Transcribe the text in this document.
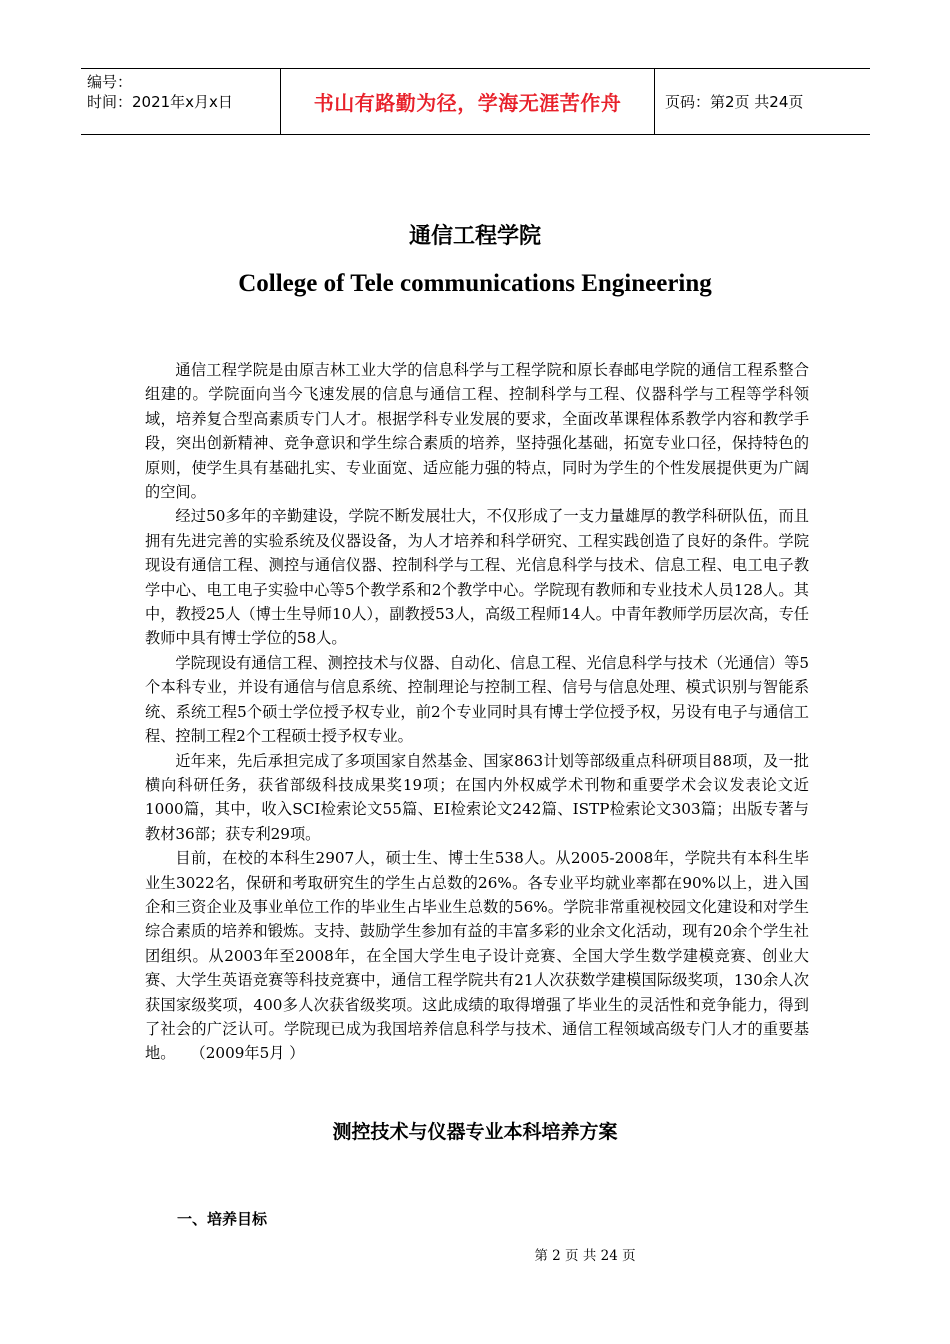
编号：
时间：2021年x月x日	书山有路勤为径，学海无涯苦作舟	页码：第2页 共24页
通信工程学院
College of Tele communications Engineering

通信工程学院是由原吉林工业大学的信息科学与工程学院和原长春邮电学院的通信工程系整合组建的。学院面向当今飞速发展的信息与通信工程、控制科学与工程、仪器科学与工程等学科领域，培养复合型高素质专门人才。根据学科专业发展的要求，全面改革课程体系教学内容和教学手段，突出创新精神、竞争意识和学生综合素质的培养，坚持强化基础，拓宽专业口径，保持特色的原则，使学生具有基础扎实、专业面宽、适应能力强的特点，同时为学生的个性发展提供更为广阔的空间。

经过50多年的辛勤建设，学院不断发展壮大，不仅形成了一支力量雄厚的教学科研队伍，而且拥有先进完善的实验系统及仪器设备，为人才培养和科学研究、工程实践创造了良好的条件。学院现设有通信工程、测控与通信仪器、控制科学与工程、光信息科学与技术、信息工程、电工电子教学中心、电工电子实验中心等5个教学系和2个教学中心。学院现有教师和专业技术人员128人。其中，教授25人（博士生导师10人），副教授53人，高级工程师14人。中青年教师学历层次高，专任教师中具有博士学位的58人。

学院现设有通信工程、测控技术与仪器、自动化、信息工程、光信息科学与技术（光通信）等5个本科专业，并设有通信与信息系统、控制理论与控制工程、信号与信息处理、模式识别与智能系统、系统工程5个硕士学位授予权专业，前2个专业同时具有博士学位授予权，另设有电子与通信工程、控制工程2个工程硕士授予权专业。

近年来，先后承担完成了多项国家自然基金、国家863计划等部级重点科研项目88项，及一批横向科研任务，获省部级科技成果奖19项；在国内外权威学术刊物和重要学术会议发表论文近1000篇，其中，收入SCI检索论文55篇、EI检索论文242篇、ISTP检索论文303篇；出版专著与教材36部；获专利29项。

目前，在校的本科生2907人，硕士生、博士生538人。从2005-2008年，学院共有本科生毕业生3022名，保研和考取研究生的学生占总数的26%。各专业平均就业率都在90%以上，进入国企和三资企业及事业单位工作的毕业生占毕业生总数的56%。学院非常重视校园文化建设和对学生综合素质的培养和锻炼。支持、鼓励学生参加有益的丰富多彩的业余文化活动，现有20余个学生社团组织。从2003年至2008年，在全国大学生电子设计竞赛、全国大学生数学建模竞赛、创业大赛、大学生英语竞赛等科技竞赛中，通信工程学院共有21人次获数学建模国际级奖项，130余人次获国家级奖项，400多人次获省级奖项。这此成绩的取得增强了毕业生的灵活性和竞争能力，得到了社会的广泛认可。学院现已成为我国培养信息科学与技术、通信工程领域高级专门人才的重要基地。　　（2009年5月 ）

测控技术与仪器专业本科培养方案
一、培养目标
第 2 页 共 24 页
